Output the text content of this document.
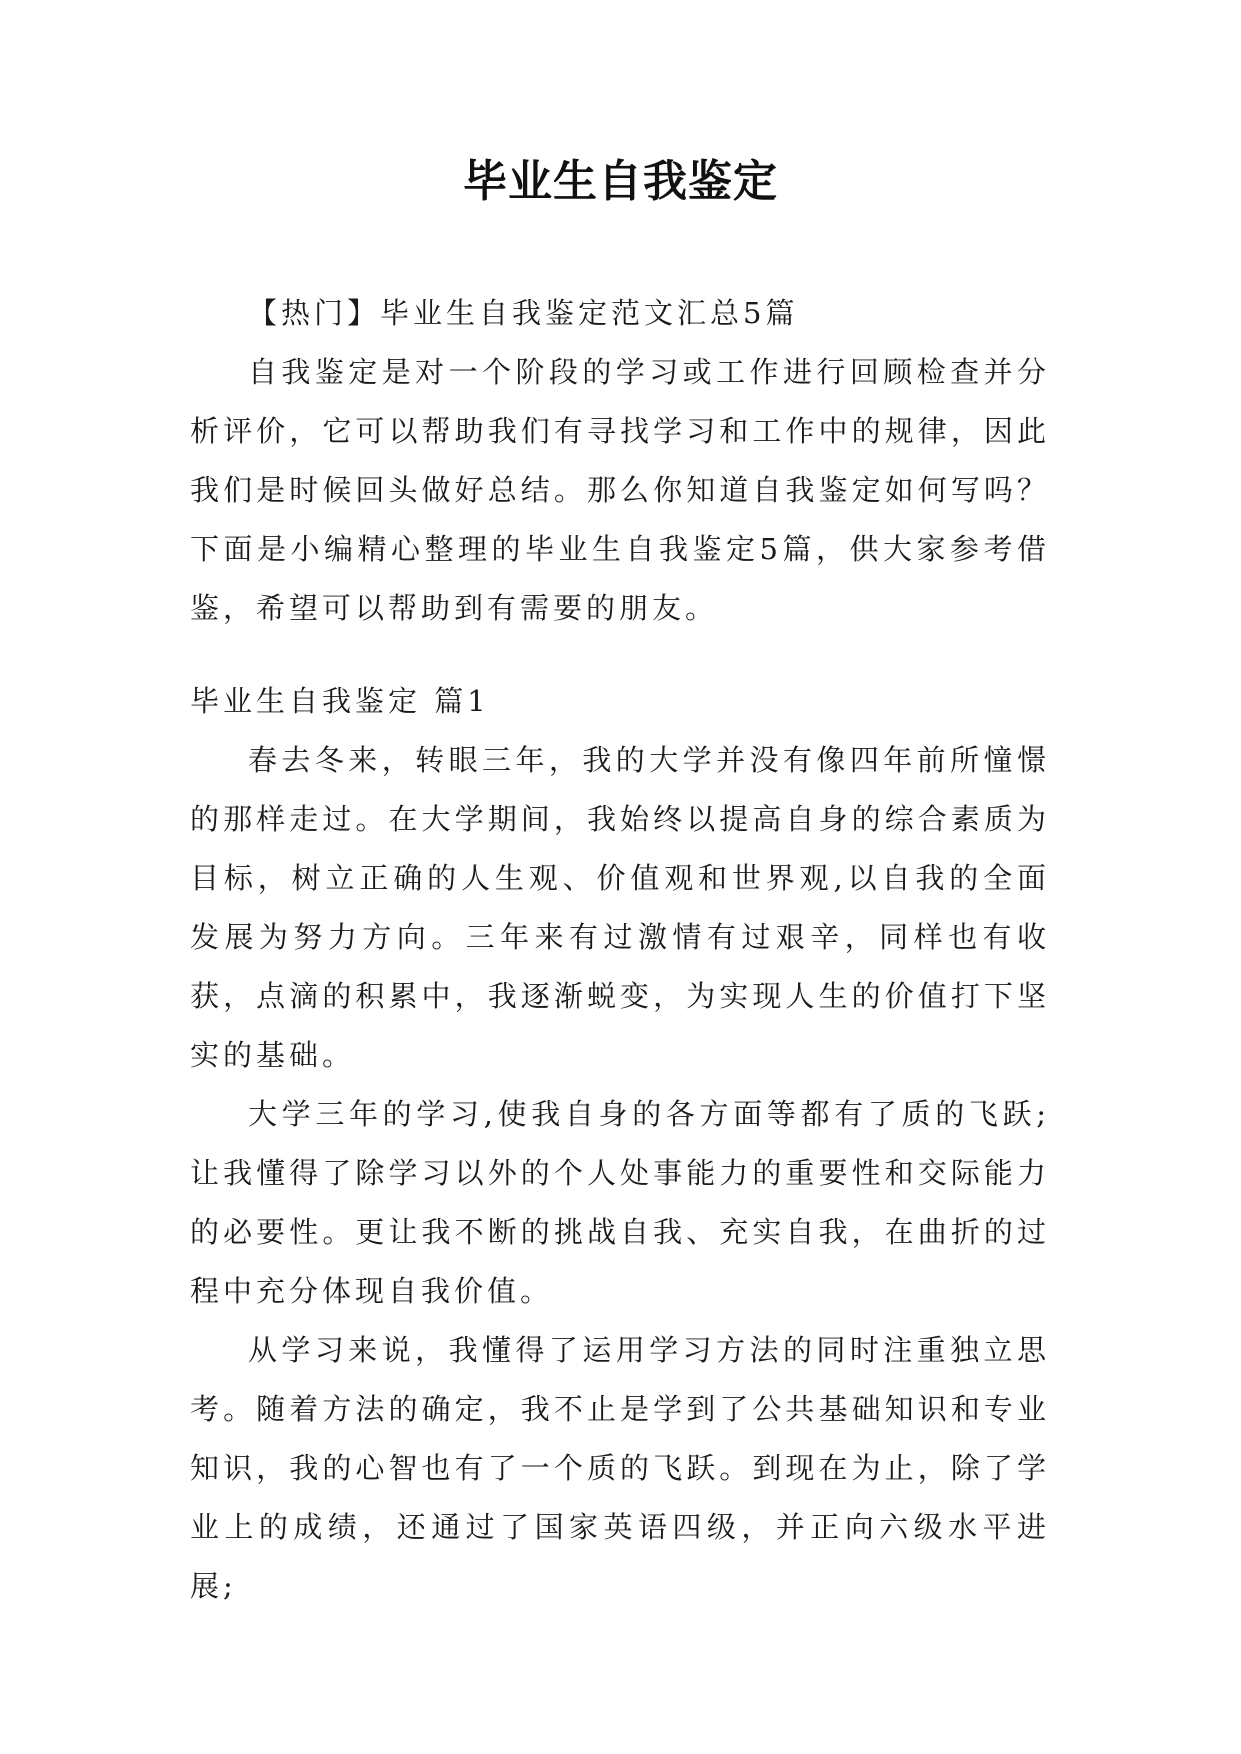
毕业生自我鉴定

【热门】毕业生自我鉴定范文汇总5篇

自我鉴定是对一个阶段的学习或工作进行回顾检查并分析评价，它可以帮助我们有寻找学习和工作中的规律，因此我们是时候回头做好总结。那么你知道自我鉴定如何写吗？下面是小编精心整理的毕业生自我鉴定5篇，供大家参考借鉴，希望可以帮助到有需要的朋友。

毕业生自我鉴定 篇1

春去冬来，转眼三年，我的大学并没有像四年前所憧憬的那样走过。在大学期间，我始终以提高自身的综合素质为目标，树立正确的人生观、价值观和世界观,以自我的全面发展为努力方向。三年来有过激情有过艰辛，同样也有收获，点滴的积累中，我逐渐蜕变，为实现人生的价值打下坚实的基础。

大学三年的学习,使我自身的各方面等都有了质的飞跃;让我懂得了除学习以外的个人处事能力的重要性和交际能力的必要性。更让我不断的挑战自我、充实自我，在曲折的过程中充分体现自我价值。

从学习来说，我懂得了运用学习方法的同时注重独立思考。随着方法的确定，我不止是学到了公共基础知识和专业知识，我的心智也有了一个质的飞跃。到现在为止，除了学业上的成绩，还通过了国家英语四级，并正向六级水平进展;
